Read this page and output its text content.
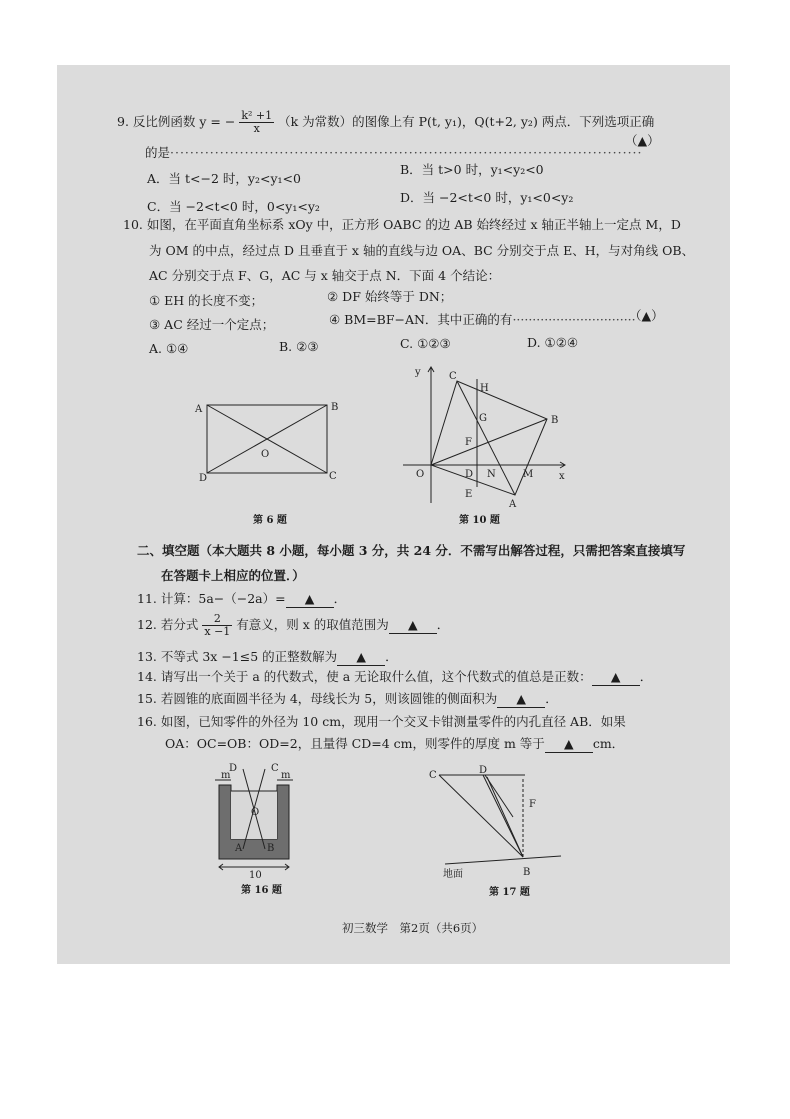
9. 反比例函数 y = − $\frac{\text{k² +1}}{x} (k$ 为常数）的图像上有 P(t, y₁)，Q(t+2, y₂) 两点．下列选项正确
的是·······························································································
（▲）
A．当 t<−2 时，y₂<y₁<0
B．当 t>0 时，y₁<y₂<0
C．当 −2<t<0 时，0<y₁<y₂
D．当 −2<t<0 时，y₁<0<y₂
10. 如图，在平面直角坐标系 xOy 中，正方形 OABC 的边 AB 始终经过 x 轴正半轴上一定点 M，D
为 OM 的中点，经过点 D 且垂直于 x 轴的直线与边 OA、BC 分别交于点 E、H，与对角线 OB、
AC 分别交于点 F、G，AC 与 x 轴交于点 N．下面 4 个结论：
① EH 的长度不变；	② DF 始终等于 DN；
③ AC 经过一个定点；	④ BM=BF−AN．其中正确的有·······························
（▲）
A. ①④	B. ②③	C. ①②③	D. ①②④
A	B
C
D
O
第 6 题
y
x
O
C
H
G
F
B
D N	M
E
A
第 10 题
二、填空题（本大题共 8 小题，每小题 3 分，共 24 分．不需写出解答过程，只需把答案直接填写
在答题卡上相应的位置．）
11. 计算：5a−（−2a）= ▲ ．
12. 若分式 $\frac{2}{x -1}$ 有意义，则 x 的取值范围为 ▲ ．
13. 不等式 3x −1≤5 的正整数解为 ▲ ．
14. 请写出一个关于 a 的代数式，使 a 无论取什么值，这个代数式的值总是正数： ▲ ．
15. 若圆锥的底面圆半径为 4，母线长为 5，则该圆锥的侧面积为 ▲ ．
16. 如图，已知零件的外径为 10 cm，现用一个交叉卡钳测量零件的内孔直径 AB．如果
OA：OC=OB：OD=2，且量得 CD=4 cm，则零件的厚度 m 等于 ▲ cm．
D	C
m	m
O
A B
10
第 16 题
C	D
F
地面	B
第 17 题
初三数学　第2页（共6页）
